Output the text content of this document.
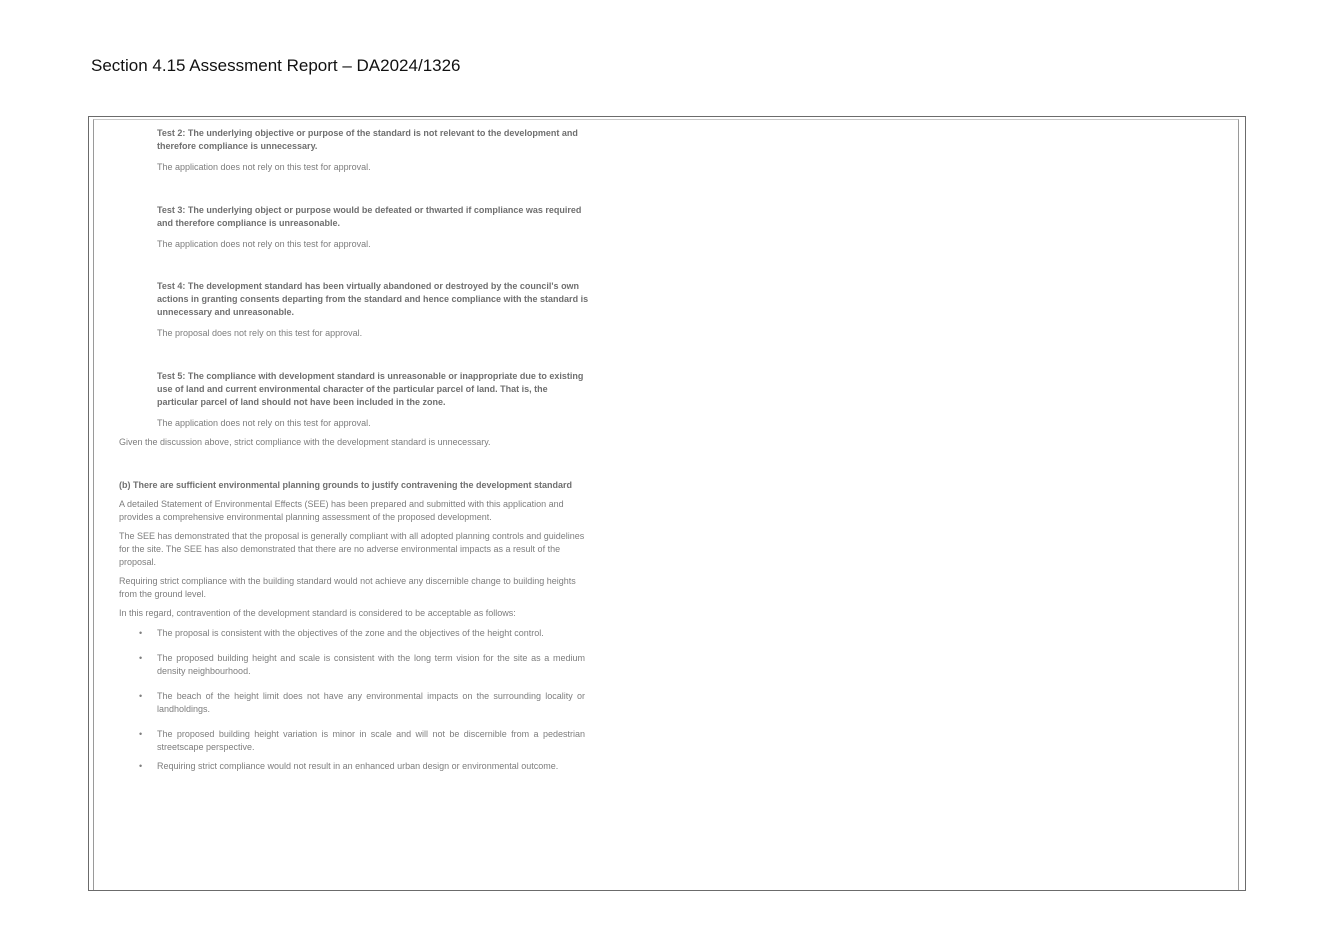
Section 4.15 Assessment Report – DA2024/1326

Test 2: The underlying objective or purpose of the standard is not relevant to the development and therefore compliance is unnecessary.

The application does not rely on this test for approval.

Test 3: The underlying object or purpose would be defeated or thwarted if compliance was required and therefore compliance is unreasonable.

The application does not rely on this test for approval.

Test 4: The development standard has been virtually abandoned or destroyed by the council's own actions in granting consents departing from the standard and hence compliance with the standard is unnecessary and unreasonable.

The proposal does not rely on this test for approval.

Test 5: The compliance with development standard is unreasonable or inappropriate due to existing use of land and current environmental character of the particular parcel of land. That is, the particular parcel of land should not have been included in the zone.

The application does not rely on this test for approval.

Given the discussion above, strict compliance with the development standard is unnecessary.

(b) There are sufficient environmental planning grounds to justify contravening the development standard

A detailed Statement of Environmental Effects (SEE) has been prepared and submitted with this application and provides a comprehensive environmental planning assessment of the proposed development.

The SEE has demonstrated that the proposal is generally compliant with all adopted planning controls and guidelines for the site. The SEE has also demonstrated that there are no adverse environmental impacts as a result of the proposal.

Requiring strict compliance with the building standard would not achieve any discernible change to building heights from the ground level.

In this regard, contravention of the development standard is considered to be acceptable as follows:

• The proposal is consistent with the objectives of the zone and the objectives of the height control.
• The proposed building height and scale is consistent with the long term vision for the site as a medium density neighbourhood.
• The beach of the height limit does not have any environmental impacts on the surrounding locality or landholdings.
• The proposed building height variation is minor in scale and will not be discernible from a pedestrian streetscape perspective.
• Requiring strict compliance would not result in an enhanced urban design or environmental outcome.
